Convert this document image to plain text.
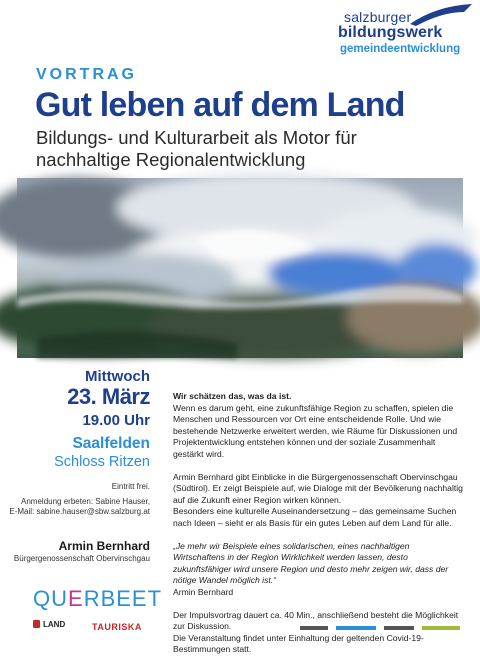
salzburger
bildungswerk
gemeindeentwicklung
VORTRAG
Gut leben auf dem Land
Bildungs- und Kulturarbeit als Motor für nachhaltige Regionalentwicklung
Mittwoch
23. März
19.00 Uhr
Saalfelden
Schloss Ritzen
Eintritt frei.
Anmeldung erbeten: Sabine Hauser,
E-Mail: sabine.hauser@sbw.salzburg.at
Armin Bernhard
Bürgergenossenschaft Obervinschgau
QUERBEET
LAND	TAURISKA

Wir schätzen das, was da ist.

Wenn es darum geht, eine zukunftsfähige Region zu schaffen, spielen die Menschen und Ressourcen vor Ort eine entscheidende Rolle. Und wie bestehende Netzwerke erweitert werden, wie Räume für Diskussionen und Projektentwicklung entstehen können und der soziale Zusammenhalt gestärkt wird.

Armin Bernhard gibt Einblicke in die Bürgergenossenschaft Obervinschgau (Südtirol). Er zeigt Beispiele auf, wie Dialoge mit der Bevölkerung nachhaltig auf die Zukunft einer Region wirken können.

Besonders eine kulturelle Auseinandersetzung – das gemeinsame Suchen nach Ideen – sieht er als Basis für ein gutes Leben auf dem Land für alle.

„Je mehr wir Beispiele eines solidarischen, eines nachhaltigen Wirtschaftens in der Region Wirklichkeit werden lassen, desto zukunftsfähiger wird unsere Region und desto mehr zeigen wir, dass der nötige Wandel möglich ist.“

Armin Bernhard

Der Impulsvortrag dauert ca. 40 Min., anschließend besteht die Möglichkeit zur Diskussion.

Die Veranstaltung findet unter Einhaltung der geltenden Covid-19-Bestimmungen statt.
